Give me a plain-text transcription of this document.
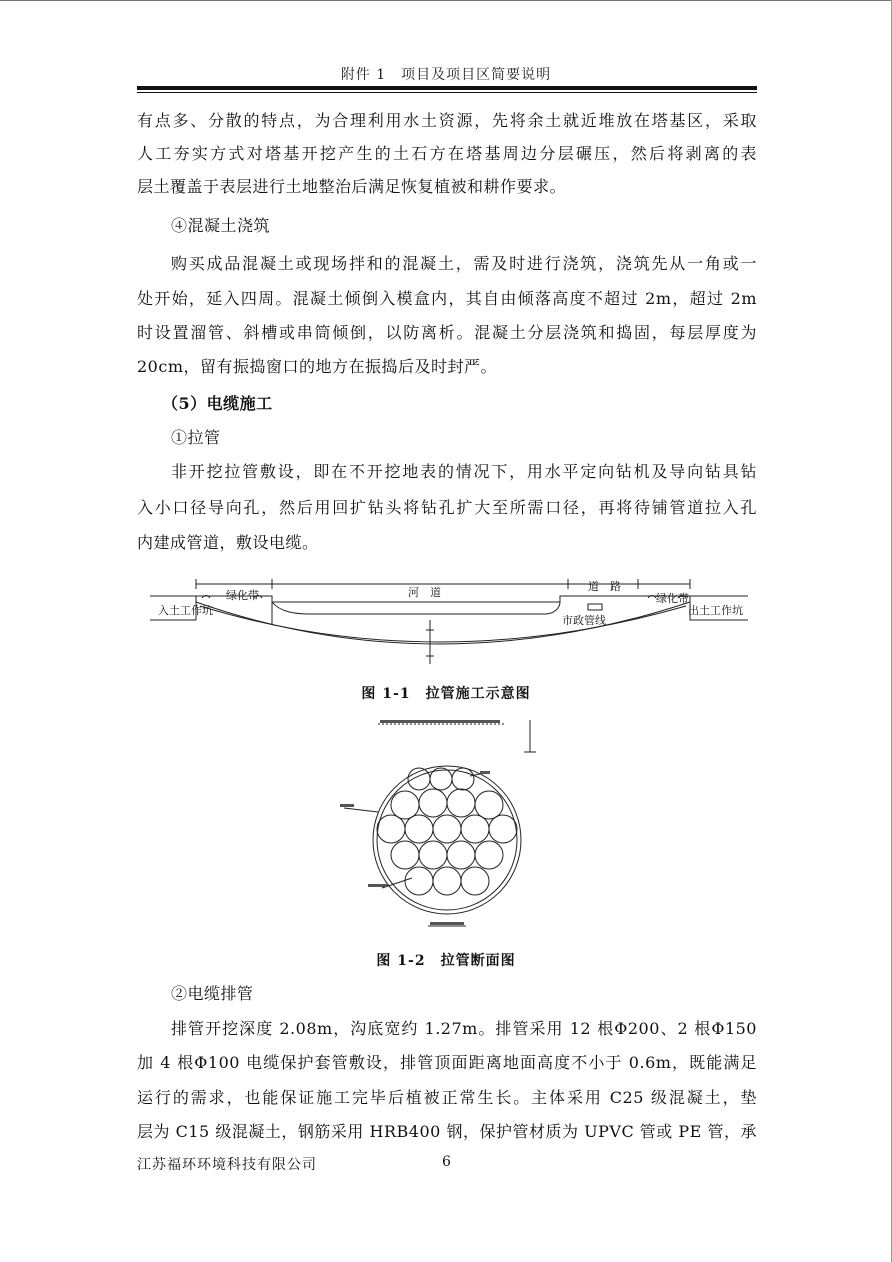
附件 1　项目及项目区简要说明
有点多、分散的特点，为合理利用水土资源，先将余土就近堆放在塔基区，采取
人工夯实方式对塔基开挖产生的土石方在塔基周边分层碾压，然后将剥离的表
层土覆盖于表层进行土地整治后满足恢复植被和耕作要求。
④混凝土浇筑
购买成品混凝土或现场拌和的混凝土，需及时进行浇筑，浇筑先从一角或一
处开始，延入四周。混凝土倾倒入模盒内，其自由倾落高度不超过 2m，超过 2m
时设置溜管、斜槽或串筒倾倒，以防离析。混凝土分层浇筑和捣固，每层厚度为
20cm，留有振捣窗口的地方在振捣后及时封严。
（5）电缆施工
①拉管
非开挖拉管敷设，即在不开挖地表的情况下，用水平定向钻机及导向钻具钻
入小口径导向孔，然后用回扩钻头将钻孔扩大至所需口径，再将待铺管道拉入孔
内建成管道，敷设电缆。
入土工作坑
绿化带	河　道	道　路
绿化带
市政管线
出土工作坑
图 1-1　拉管施工示意图
图 1-2　拉管断面图
②电缆排管
排管开挖深度 2.08m，沟底宽约 1.27m。排管采用 12 根Φ200、2 根Φ150
加 4 根Φ100 电缆保护套管敷设，排管顶面距离地面高度不小于 0.6m，既能满足
运行的需求，也能保证施工完毕后植被正常生长。主体采用 C25 级混凝土，垫
层为 C15 级混凝土，钢筋采用 HRB400 钢，保护管材质为 UPVC 管或 PE 管，承
江苏福环环境科技有限公司	6
